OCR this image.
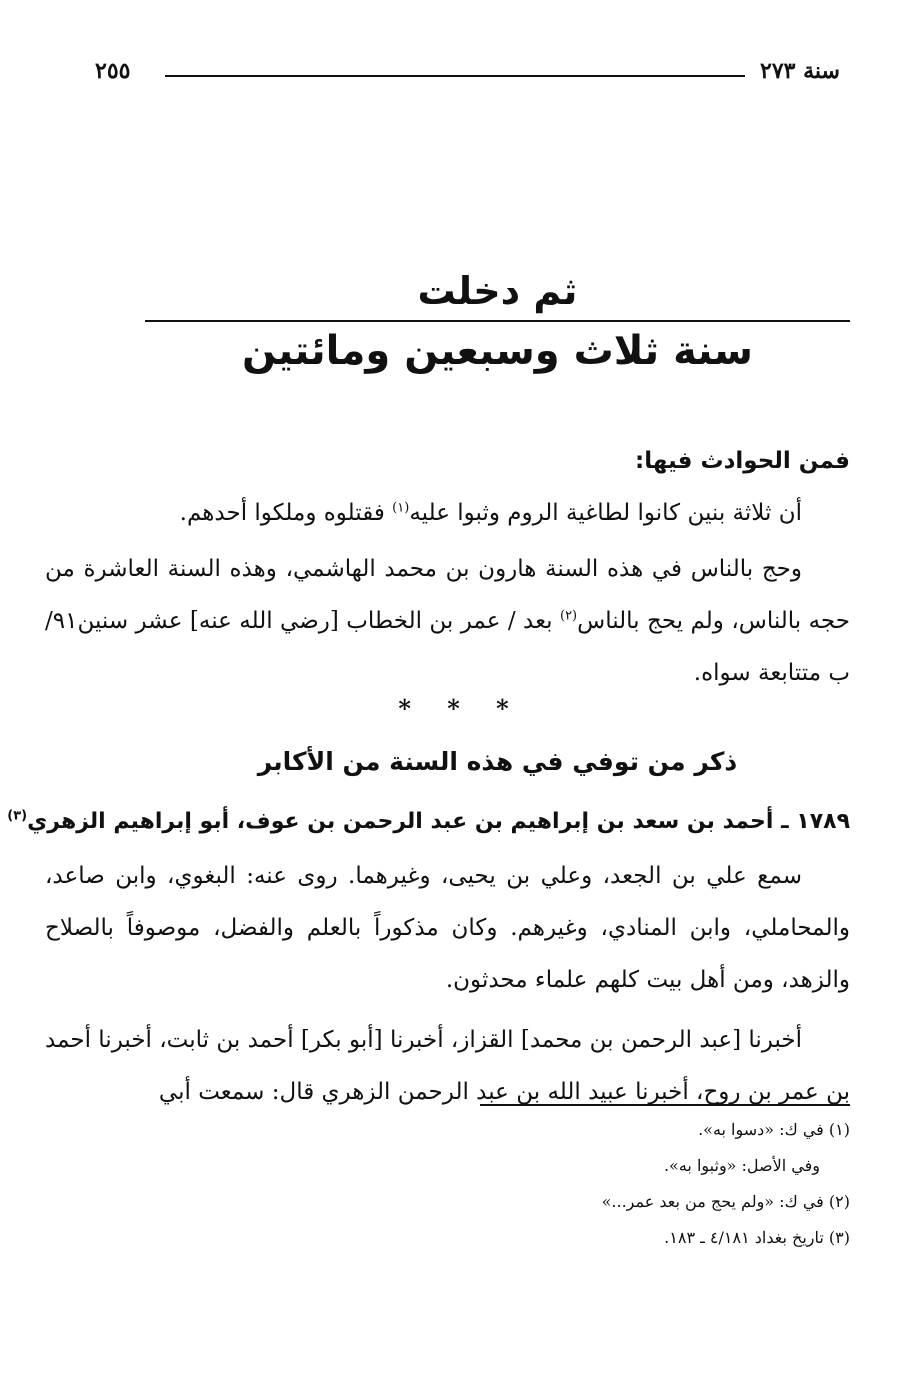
سنة ٢٧٣
٢٥٥

ثم دخلت

سنة ثلاث وسبعين ومائتين

فمن الحوادث فيها:

أن ثلاثة بنين كانوا لطاغية الروم وثبوا عليه$^{(١)}$ فقتلوه وملكوا أحدهم.

وحج بالناس في هذه السنة هارون بن محمد الهاشمي، وهذه السنة العاشرة من حجه بالناس، ولم يحج بالناس$^{(٢)}$ بعد / عمر بن الخطاب [رضي الله عنه] عشر سنين٩١/ب متتابعة سواه.

* * *

ذكر من توفي في هذه السنة من الأكابر

١٧٨٩ ـ أحمد بن سعد بن إبراهيم بن عبد الرحمن بن عوف، أبو إبراهيم الزهري$^{(٣)}$

سمع علي بن الجعد، وعلي بن يحيى، وغيرهما. روى عنه: البغوي، وابن صاعد، والمحاملي، وابن المنادي، وغيرهم. وكان مذكوراً بالعلم والفضل، موصوفاً بالصلاح والزهد، ومن أهل بيت كلهم علماء محدثون.

أخبرنا [عبد الرحمن بن محمد] القزاز، أخبرنا [أبو بكر] أحمد بن ثابت، أخبرنا أحمد بن عمر بن روح، أخبرنا عبيد الله بن عبد الرحمن الزهري قال: سمعت أبي

(١) في ك: «دسوا به».

وفي الأصل: «وثبوا به».

(٢) في ك: «ولم يحج من بعد عمر...»

(٣) تاريخ بغداد ٤/١٨١ ـ ١٨٣.
